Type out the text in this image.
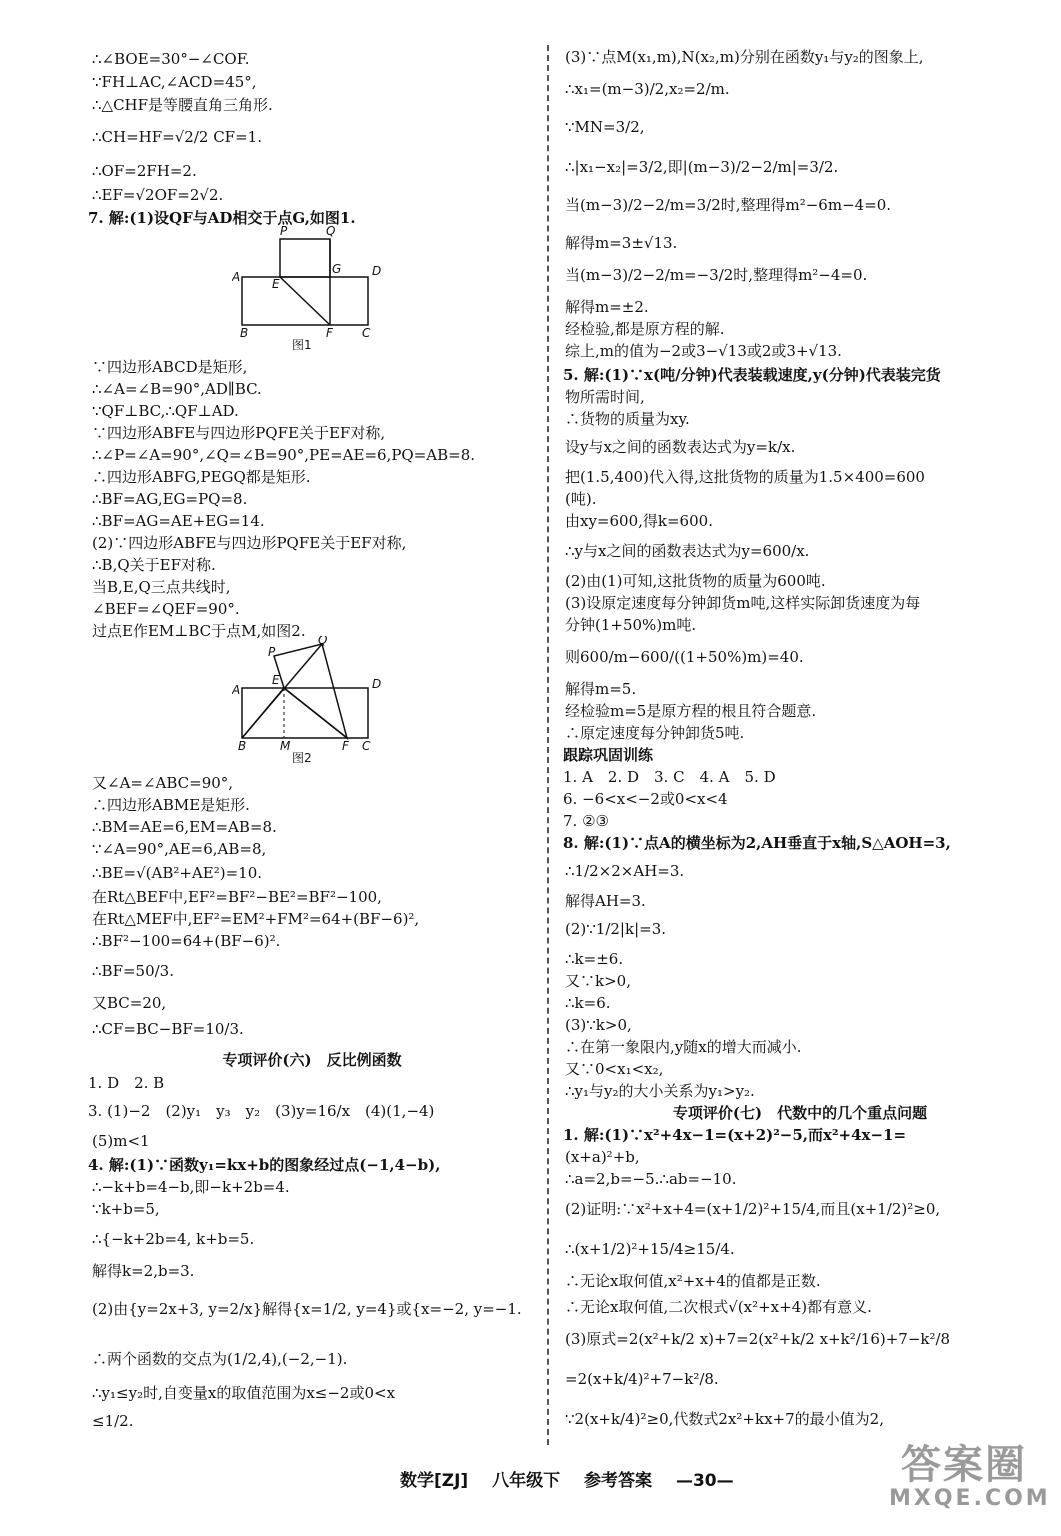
∴∠BOE=30°−∠COF.
∵FH⊥AC,∠ACD=45°,
∴△CHF是等腰直角三角形.
∴CH=HF=√2/2 CF=1.
∴OF=2FH=2.
∴EF=√2OF=2√2.
7. 解:(1)设QF与AD相交于点G,如图1.
P	Q
A	E
G	D
B	F C
图1
∵四边形ABCD是矩形,
∴∠A=∠B=90°,AD∥BC.
∵QF⊥BC,∴QF⊥AD.
∵四边形ABFE与四边形PQFE关于EF对称,
∴∠P=∠A=90°,∠Q=∠B=90°,PE=AE=6,PQ=AB=8.
∴四边形ABFG,PEGQ都是矩形.
∴BF=AG,EG=PQ=8.
∴BF=AG=AE+EG=14.
(2)∵四边形ABFE与四边形PQFE关于EF对称,
∴B,Q关于EF对称.
当B,E,Q三点共线时,
∠BEF=∠QEF=90°.
过点E作EM⊥BC于点M,如图2.
P
Q
A
E	D
B	M	F C
图2
又∠A=∠ABC=90°,
∴四边形ABME是矩形.
∴BM=AE=6,EM=AB=8.
∵∠A=90°,AE=6,AB=8,
∴BE=√(AB²+AE²)=10.
在Rt△BEF中,EF²=BF²−BE²=BF²−100,
在Rt△MEF中,EF²=EM²+FM²=64+(BF−6)²,
∴BF²−100=64+(BF−6)².
∴BF=50/3.
又BC=20,
∴CF=BC−BF=10/3.
专项评价(六)　反比例函数
1. D　2. B
3. (1)−2　(2)y₁　y₃　y₂　(3)y=16/x　(4)(1,−4)
(5)m<1
4. 解:(1)∵函数y₁=kx+b的图象经过点(−1,4−b),
∴−k+b=4−b,即−k+2b=4.
∵k+b=5,
∴{−k+2b=4, k+b=5.
解得k=2,b=3.
(2)由{y=2x+3, y=2/x}解得{x=1/2, y=4}或{x=−2, y=−1.
∴两个函数的交点为(1/2,4),(−2,−1).
∴y₁≤y₂时,自变量x的取值范围为x≤−2或0<x
≤1/2.
(3)∵点M(x₁,m),N(x₂,m)分别在函数y₁与y₂的图象上,
∴x₁=(m−3)/2,x₂=2/m.
∵MN=3/2,
∴|x₁−x₂|=3/2,即|(m−3)/2−2/m|=3/2.
当(m−3)/2−2/m=3/2时,整理得m²−6m−4=0.
解得m=3±√13.
当(m−3)/2−2/m=−3/2时,整理得m²−4=0.
解得m=±2.
经检验,都是原方程的解.
综上,m的值为−2或3−√13或2或3+√13.
5. 解:(1)∵x(吨/分钟)代表装载速度,y(分钟)代表装完货
物所需时间,
∴货物的质量为xy.
设y与x之间的函数表达式为y=k/x.
把(1.5,400)代入得,这批货物的质量为1.5×400=600
(吨).
由xy=600,得k=600.
∴y与x之间的函数表达式为y=600/x.
(2)由(1)可知,这批货物的质量为600吨.
(3)设原定速度每分钟卸货m吨,这样实际卸货速度为每
分钟(1+50%)m吨.
则600/m−600/((1+50%)m)=40.
解得m=5.
经检验m=5是原方程的根且符合题意.
∴原定速度每分钟卸货5吨.
跟踪巩固训练
1. A　2. D　3. C　4. A　5. D
6. −6<x<−2或0<x<4
7. ②③
8. 解:(1)∵点A的横坐标为2,AH垂直于x轴,S△AOH=3,
∴1/2×2×AH=3.
解得AH=3.
(2)∵1/2|k|=3.
∴k=±6.
又∵k>0,
∴k=6.
(3)∵k>0,
∴在第一象限内,y随x的增大而减小.
又∵0<x₁<x₂,
∴y₁与y₂的大小关系为y₁>y₂.
专项评价(七)　代数中的几个重点问题
1. 解:(1)∵x²+4x−1=(x+2)²−5,而x²+4x−1=
(x+a)²+b,
∴a=2,b=−5.∴ab=−10.
(2)证明:∵x²+x+4=(x+1/2)²+15/4,而且(x+1/2)²≥0,
∴(x+1/2)²+15/4≥15/4.
∴无论x取何值,x²+x+4的值都是正数.
∴无论x取何值,二次根式√(x²+x+4)都有意义.
(3)原式=2(x²+k/2 x)+7=2(x²+k/2 x+k²/16)+7−k²/8
=2(x+k/4)²+7−k²/8.
∵2(x+k/4)²≥0,代数式2x²+kx+7的最小值为2,
数学[ZJ] 八年级下 参考答案 —30—	答案圈
MXQE.COM
